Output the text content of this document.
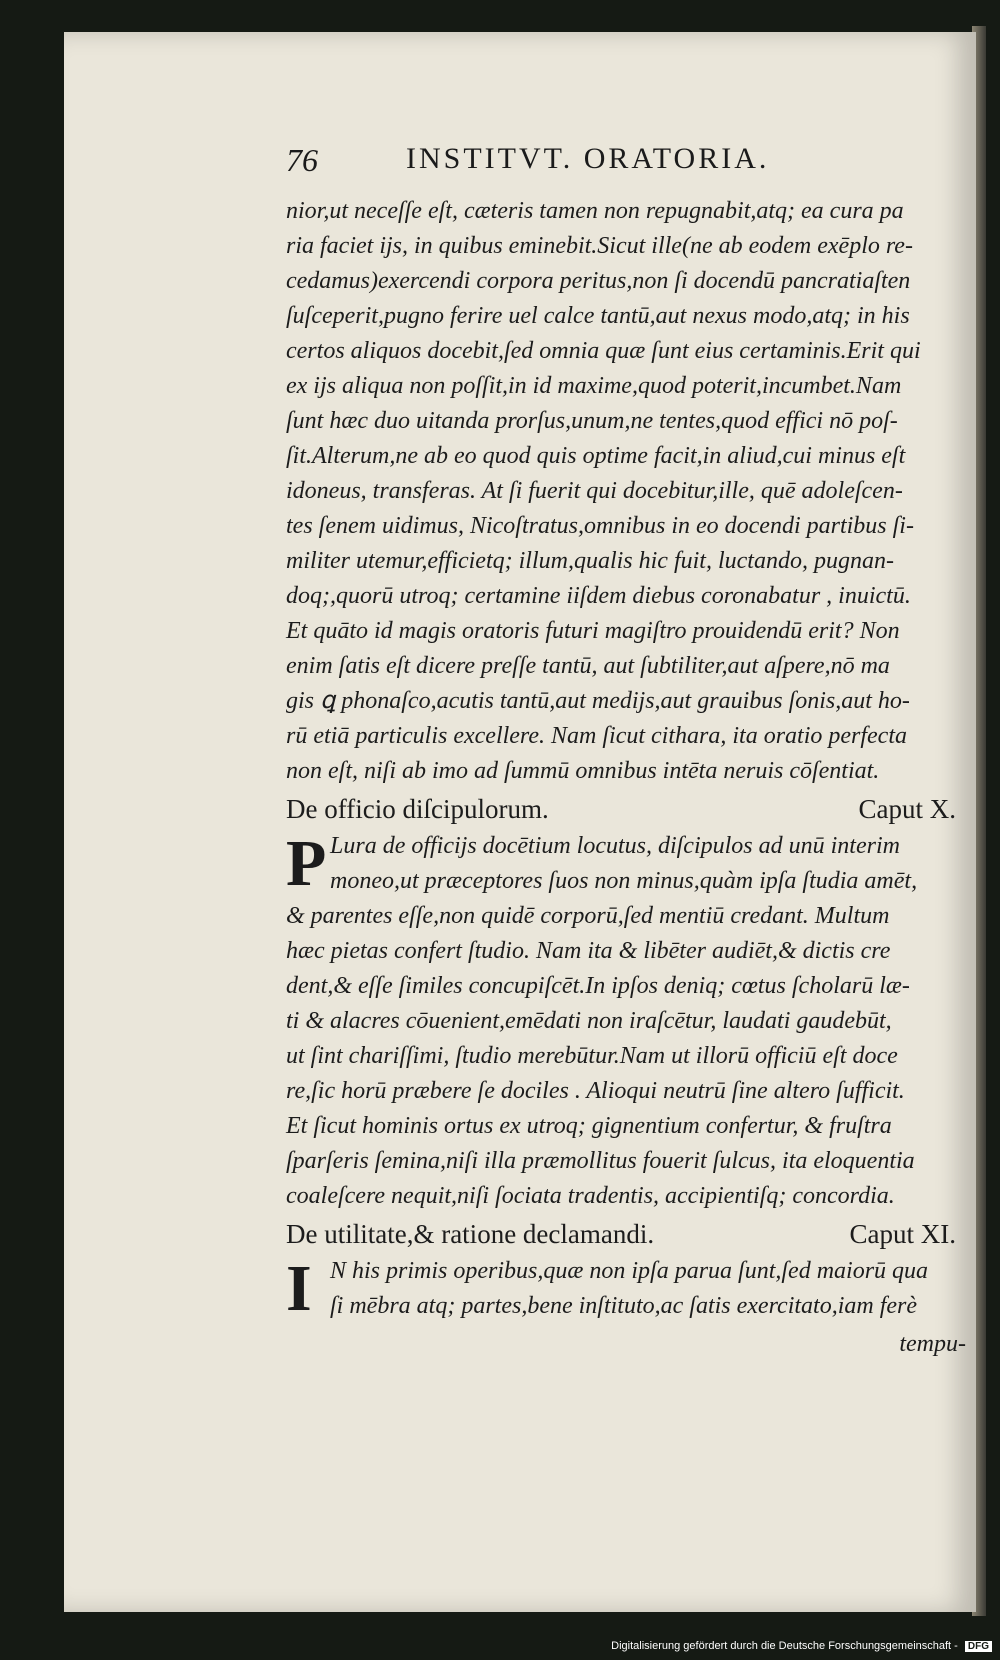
76	INSTITVT. ORATORIA.
nior,ut neceſſe eſt, cæteris tamen non repugnabit,atq; ea cura pa
ria faciet ijs, in quibus eminebit.Sicut ille(ne ab eodem exēplo re-
cedamus)exercendi corpora peritus,non ſi docendū pancratiaſten
ſuſceperit,pugno ferire uel calce tantū,aut nexus modo,atq; in his
certos aliquos docebit,ſed omnia quæ ſunt eius certaminis.Erit qui
ex ijs aliqua non poſſit,in id maxime,quod poterit,incumbet.Nam
ſunt hæc duo uitanda prorſus,unum,ne tentes,quod effici nō poſ-
ſit.Alterum,ne ab eo quod quis optime facit,in aliud,cui minus eſt
idoneus, transferas. At ſi fuerit qui docebitur,ille, quē adoleſcen-
tes ſenem uidimus, Nicoſtratus,omnibus in eo docendi partibus ſi-
militer utemur,efficietq; illum,qualis hic fuit, luctando, pugnan-
doq;,quorū utroq; certamine iiſdem diebus coronabatur , inuictū.
Et quāto id magis oratoris futuri magiſtro prouidendū erit? Non
enim ſatis eſt dicere preſſe tantū, aut ſubtiliter,aut aſpere,nō ma
gis ꝗ phonaſco,acutis tantū,aut medijs,aut grauibus ſonis,aut ho-
rū etiā particulis excellere. Nam ſicut cithara, ita oratio perfecta
non eſt, niſi ab imo ad ſummū omnibus intēta neruis cōſentiat.
De officio diſcipulorum.	Caput X.
P Lura de officijs docētium locutus, diſcipulos ad unū interim
moneo,ut præceptores ſuos non minus,quàm ipſa ſtudia amēt,
& parentes eſſe,non quidē corporū,ſed mentiū credant. Multum
hæc pietas confert ſtudio. Nam ita & libēter audiēt,& dictis cre
dent,& eſſe ſimiles concupiſcēt.In ipſos deniq; cœtus ſcholarū læ-
ti & alacres cōuenient,emēdati non iraſcētur, laudati gaudebūt,
ut ſint chariſſimi, ſtudio merebūtur.Nam ut illorū officiū eſt doce
re,ſic horū præbere ſe dociles . Alioqui neutrū ſine altero ſufficit.
Et ſicut hominis ortus ex utroq; gignentium confertur, & fruſtra
ſparſeris ſemina,niſi illa præmollitus fouerit ſulcus, ita eloquentia
coaleſcere nequit,niſi ſociata tradentis, accipientiſq; concordia.
De utilitate,& ratione declamandi.	Caput XI.
I N his primis operibus,quæ non ipſa parua ſunt,ſed maiorū qua
ſi mēbra atq; partes,bene inſtituto,ac ſatis exercitato,iam ferè
tempu-
Digitalisierung gefördert durch die Deutsche Forschungsgemeinschaft - DFG
